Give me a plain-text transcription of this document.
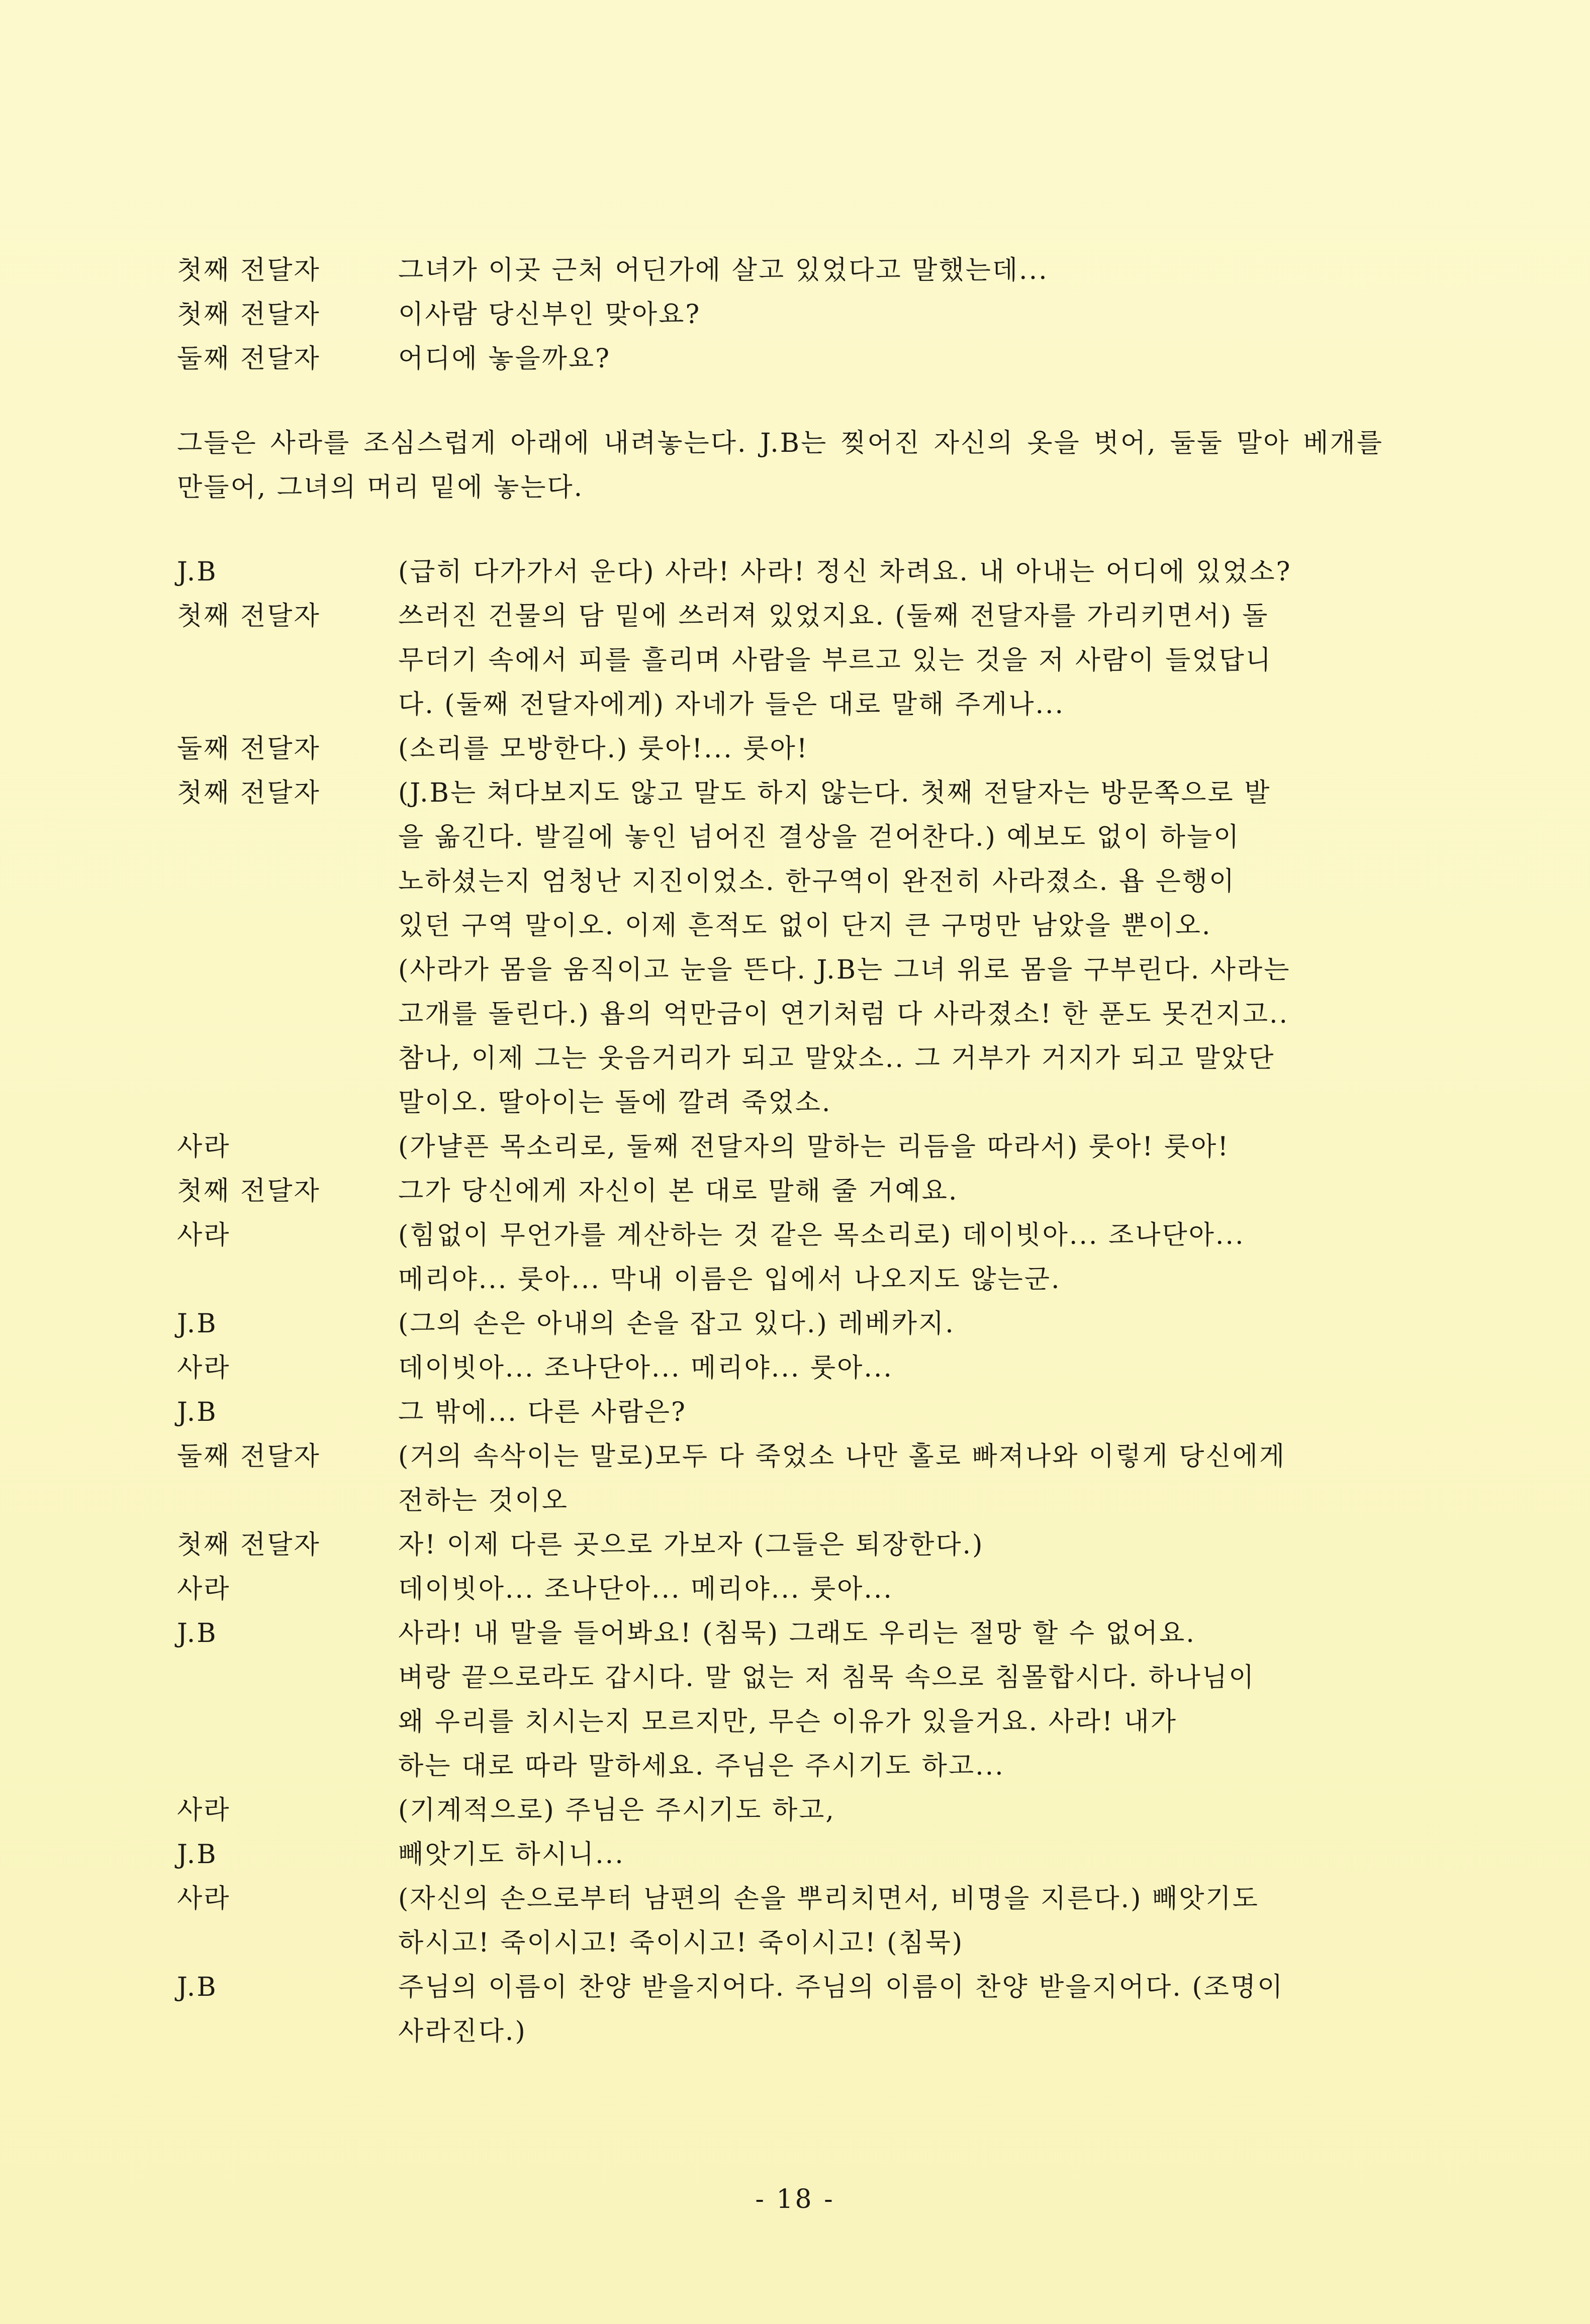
첫째 전달자	그녀가 이곳 근처 어딘가에 살고 있었다고 말했는데...
첫째 전달자	이사람 당신부인 맞아요?
둘째 전달자	어디에 놓을까요?
그들은 사라를 조심스럽게 아래에 내려놓는다. J.B는 찢어진 자신의 옷을 벗어, 둘둘 말아 베개를 만들어, 그녀의 머리 밑에 놓는다.
J.B	(급히 다가가서 운다) 사라! 사라! 정신 차려요. 내 아내는 어디에 있었소?
첫째 전달자	쓰러진 건물의 담 밑에 쓰러져 있었지요. (둘째 전달자를 가리키면서) 돌
무더기 속에서 피를 흘리며 사람을 부르고 있는 것을 저 사람이 들었답니
다. (둘째 전달자에게) 자네가 들은 대로 말해 주게나...
둘째 전달자	(소리를 모방한다.) 룻아!... 룻아!
첫째 전달자	(J.B는 쳐다보지도 않고 말도 하지 않는다. 첫째 전달자는 방문쪽으로 발
을 옮긴다. 발길에 놓인 넘어진 결상을 걷어찬다.) 예보도 없이 하늘이
노하셨는지 엄청난 지진이었소. 한구역이 완전히 사라졌소. 욥 은행이
있던 구역 말이오. 이제 흔적도 없이 단지 큰 구멍만 남았을 뿐이오.
(사라가 몸을 움직이고 눈을 뜬다. J.B는 그녀 위로 몸을 구부린다. 사라는
고개를 돌린다.) 욥의 억만금이 연기처럼 다 사라졌소! 한 푼도 못건지고..
참나, 이제 그는 웃음거리가 되고 말았소.. 그 거부가 거지가 되고 말았단
말이오. 딸아이는 돌에 깔려 죽었소.
사라	(가냘픈 목소리로, 둘째 전달자의 말하는 리듬을 따라서) 룻아! 룻아!
첫째 전달자	그가 당신에게 자신이 본 대로 말해 줄 거예요.
사라	(힘없이 무언가를 계산하는 것 같은 목소리로) 데이빗아... 조나단아...
메리야... 룻아... 막내 이름은 입에서 나오지도 않는군.
J.B	(그의 손은 아내의 손을 잡고 있다.) 레베카지.
사라	데이빗아... 조나단아... 메리야... 룻아...
J.B	그 밖에... 다른 사람은?
둘째 전달자	(거의 속삭이는 말로)모두 다 죽었소 나만 홀로 빠져나와 이렇게 당신에게
전하는 것이오
첫째 전달자	자! 이제 다른 곳으로 가보자 (그들은 퇴장한다.)
사라	데이빗아... 조나단아... 메리야... 룻아...
J.B	사라! 내 말을 들어봐요! (침묵) 그래도 우리는 절망 할 수 없어요.
벼랑 끝으로라도 갑시다. 말 없는 저 침묵 속으로 침몰합시다. 하나님이
왜 우리를 치시는지 모르지만, 무슨 이유가 있을거요. 사라! 내가
하는 대로 따라 말하세요. 주님은 주시기도 하고...
사라	(기계적으로) 주님은 주시기도 하고,
J.B	빼앗기도 하시니...
사라	(자신의 손으로부터 남편의 손을 뿌리치면서, 비명을 지른다.) 빼앗기도
하시고! 죽이시고! 죽이시고! 죽이시고! (침묵)
J.B	주님의 이름이 찬양 받을지어다. 주님의 이름이 찬양 받을지어다. (조명이
사라진다.)
- 18 -
